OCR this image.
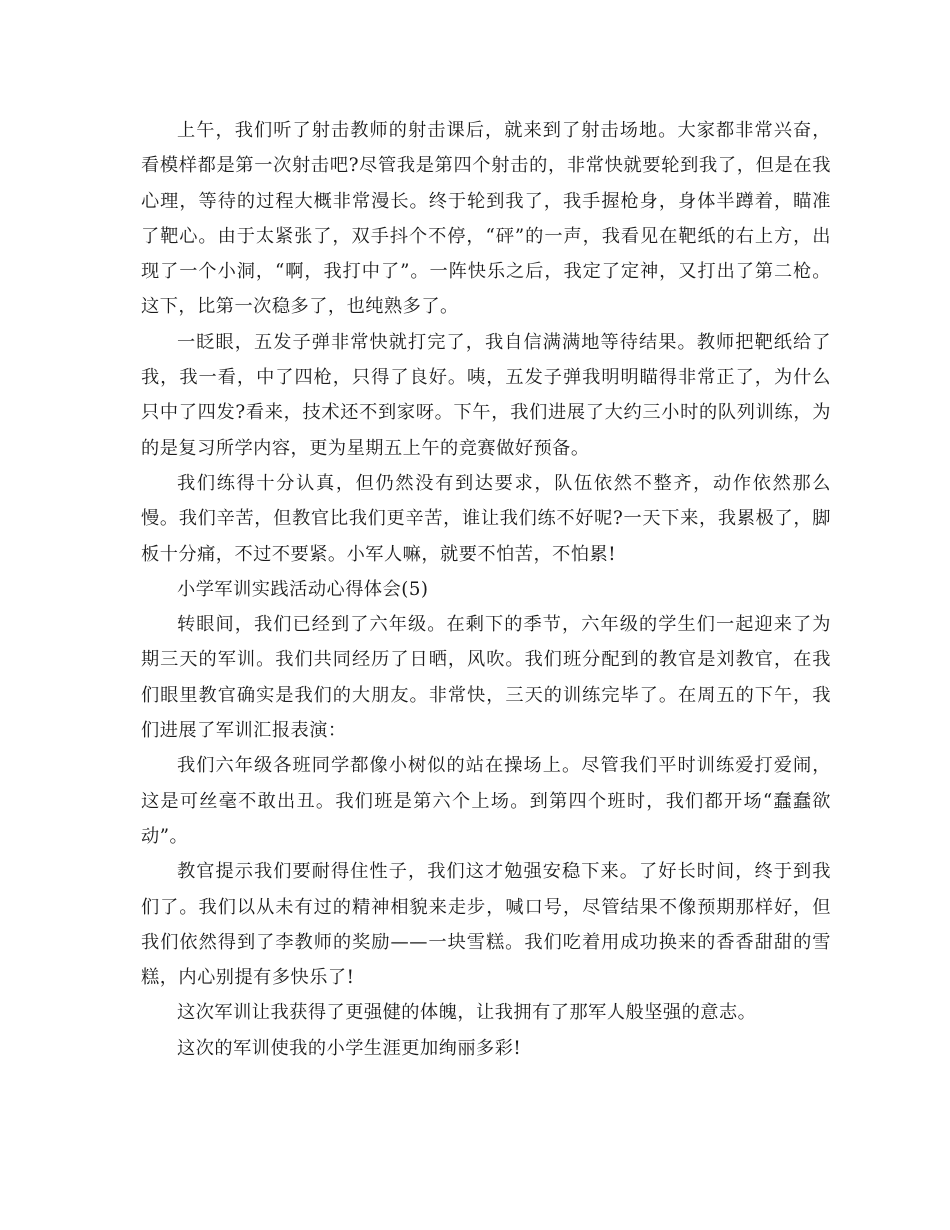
上午，我们听了射击教师的射击课后，就来到了射击场地。大家都非常兴奋，看模样都是第一次射击吧?尽管我是第四个射击的，非常快就要轮到我了，但是在我心理，等待的过程大概非常漫长。终于轮到我了，我手握枪身，身体半蹲着，瞄准了靶心。由于太紧张了，双手抖个不停，“砰”的一声，我看见在靶纸的右上方，出现了一个小洞，“啊，我打中了”。一阵快乐之后，我定了定神，又打出了第二枪。这下，比第一次稳多了，也纯熟多了。

一眨眼，五发子弹非常快就打完了，我自信满满地等待结果。教师把靶纸给了我，我一看，中了四枪，只得了良好。咦，五发子弹我明明瞄得非常正了，为什么只中了四发?看来，技术还不到家呀。下午，我们进展了大约三小时的队列训练，为的是复习所学内容，更为星期五上午的竞赛做好预备。

我们练得十分认真，但仍然没有到达要求，队伍依然不整齐，动作依然那么慢。我们辛苦，但教官比我们更辛苦，谁让我们练不好呢?一天下来，我累极了，脚板十分痛，不过不要紧。小军人嘛，就要不怕苦，不怕累!

小学军训实践活动心得体会(5)

转眼间，我们已经到了六年级。在剩下的季节，六年级的学生们一起迎来了为期三天的军训。我们共同经历了日晒，风吹。我们班分配到的教官是刘教官，在我们眼里教官确实是我们的大朋友。非常快，三天的训练完毕了。在周五的下午，我们进展了军训汇报表演：

我们六年级各班同学都像小树似的站在操场上。尽管我们平时训练爱打爱闹，这是可丝毫不敢出丑。我们班是第六个上场。到第四个班时，我们都开场“蠢蠢欲动”。

教官提示我们要耐得住性子，我们这才勉强安稳下来。了好长时间，终于到我们了。我们以从未有过的精神相貌来走步，喊口号，尽管结果不像预期那样好，但我们依然得到了李教师的奖励——一块雪糕。我们吃着用成功换来的香香甜甜的雪糕，内心别提有多快乐了!

这次军训让我获得了更强健的体魄，让我拥有了那军人般坚强的意志。

这次的军训使我的小学生涯更加绚丽多彩!
